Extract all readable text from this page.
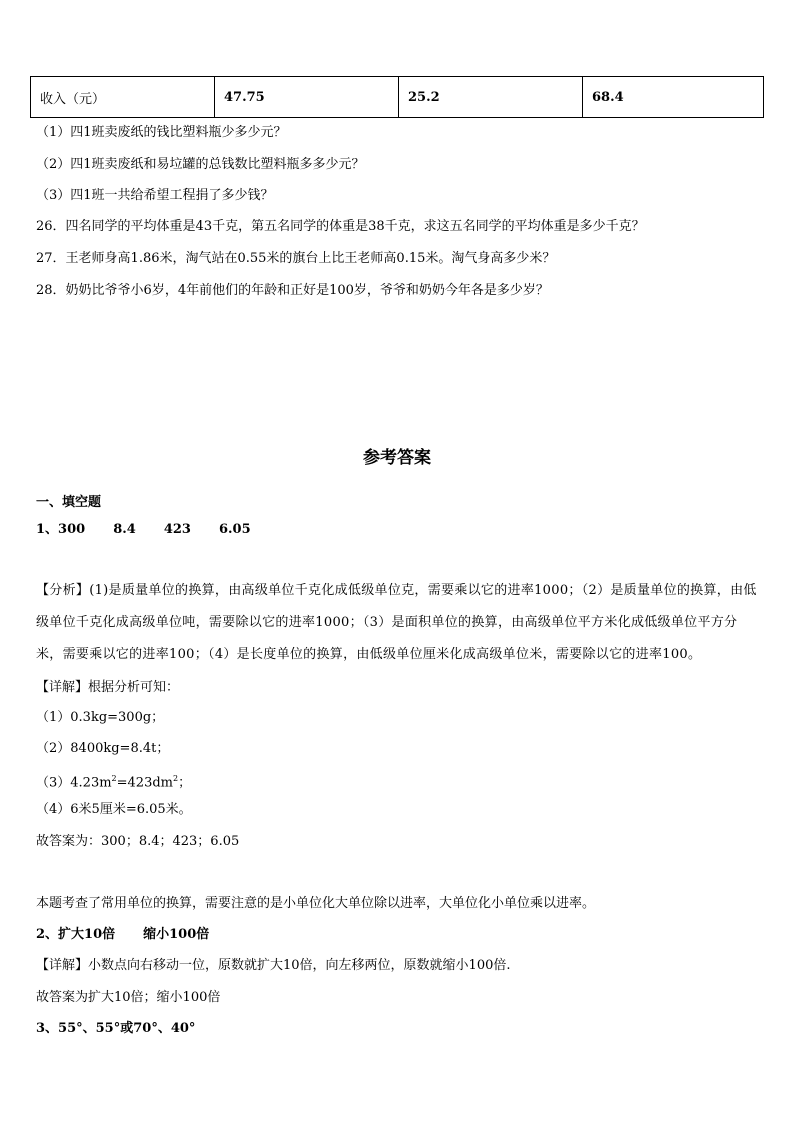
收入（元）	47.75	25.2	68.4
（1）四1班卖废纸的钱比塑料瓶少多少元？
（2）四1班卖废纸和易垃罐的总钱数比塑料瓶多多少元？
（3）四1班一共给希望工程捐了多少钱？
26．四名同学的平均体重是43千克，第五名同学的体重是38千克，求这五名同学的平均体重是多少千克？
27．王老师身高1.86米，淘气站在0.55米的旗台上比王老师高0.15米。淘气身高多少米？
28．奶奶比爷爷小6岁，4年前他们的年龄和正好是100岁，爷爷和奶奶今年各是多少岁？
参考答案
一、填空题
1、300 8.4 423 6.05
【分析】(1)是质量单位的换算，由高级单位千克化成低级单位克，需要乘以它的进率1000；（2）是质量单位的换算，由低级单位千克化成高级单位吨，需要除以它的进率1000；（3）是面积单位的换算，由高级单位平方米化成低级单位平方分米，需要乘以它的进率100；（4）是长度单位的换算，由低级单位厘米化成高级单位米，需要除以它的进率100。
【详解】根据分析可知：
（1）0.3kg=300g；
（2）8400kg=8.4t；
$(3)4.23m^2=423dm^2$；
（4）6米5厘米=6.05米。
故答案为：300；8.4；423；6.05
本题考查了常用单位的换算，需要注意的是小单位化大单位除以进率，大单位化小单位乘以进率。
2、扩大10倍 缩小100倍
【详解】小数点向右移动一位，原数就扩大10倍，向左移两位，原数就缩小100倍.
故答案为扩大10倍；缩小100倍
3、55°、55°或70°、40°
